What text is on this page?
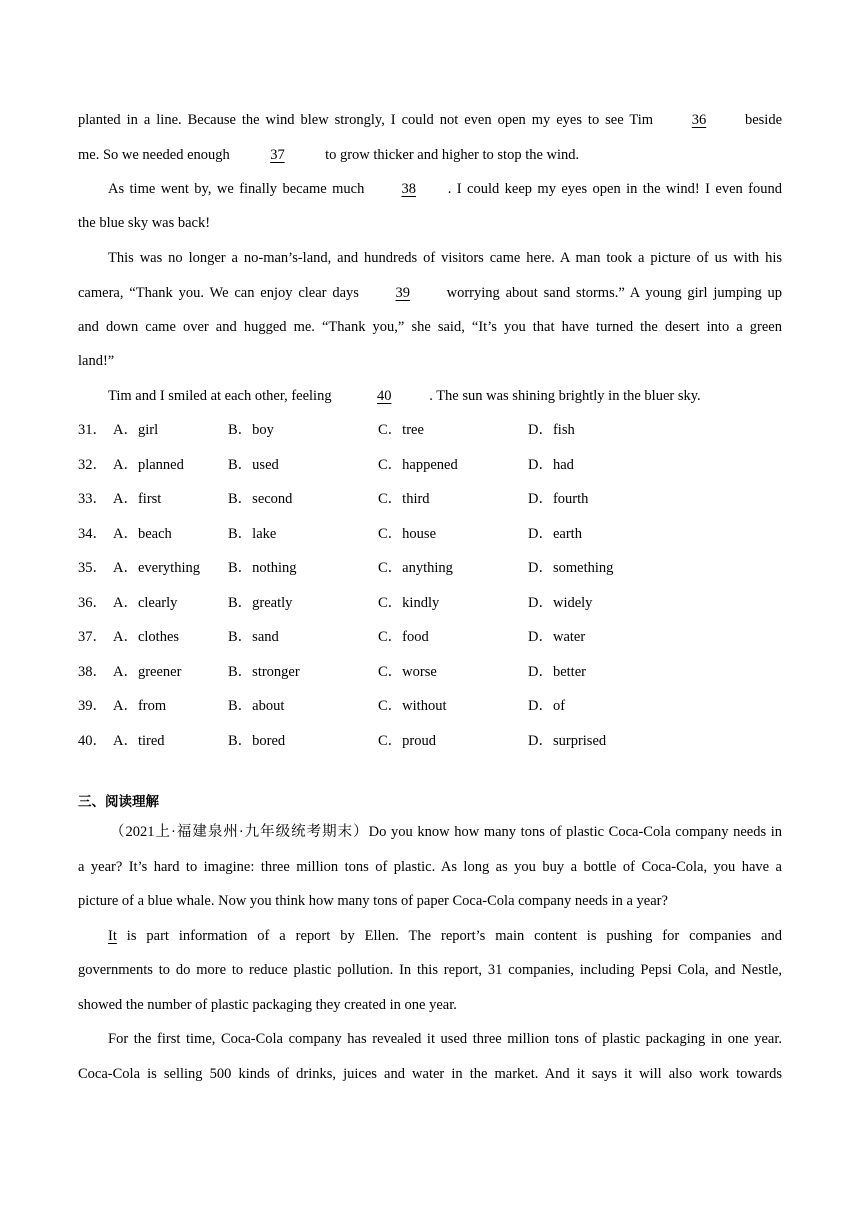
planted in a line. Because the wind blew strongly, I could not even open my eyes to see Tim	36	beside
me. So we needed enough	37	to grow thicker and higher to stop the wind.
As time went by, we finally became much	38 . I could keep my eyes open in the wind! I even found
the blue sky was back!
This was no longer a no-man’s-land, and hundreds of visitors came here. A man took a picture of us with his
camera, “Thank you. We can enjoy clear days	39	worrying about sand storms.” A young girl jumping up
and down came over and hugged me. “Thank you,” she said, “It’s you that have turned the desert into a green
land!”
Tim and I smiled at each other, feeling	40	. The sun was shining brightly in the bluer sky.
31． A．girl	B．boy	C．tree	D．fish
32． A．planned	B．used	C．happened	D．had
33． A．first	B．second	C．third	D．fourth
34． A．beach	B．lake	C．house	D．earth
35． A．everything B．nothing	C．anything	D．something
36． A．clearly	B．greatly	C．kindly	D．widely
37． A．clothes	B．sand	C．food	D．water
38． A．greener	B．stronger	C．worse	D．better
39． A．from	B．about	C．without	D．of
40． A．tired	B．bored	C．proud	D．surprised
三、阅读理解
（2021上·福建泉州·九年级统考期末）Do you know how many tons of plastic Coca-Cola company needs in
a year? It’s hard to imagine: three million tons of plastic. As long as you buy a bottle of Coca-Cola, you have a
picture of a blue whale. Now you think how many tons of paper Coca-Cola company needs in a year?
It is part information of a report by Ellen. The report’s main content is pushing for companies and
governments to do more to reduce plastic pollution. In this report, 31 companies, including Pepsi Cola, and Nestle,
showed the number of plastic packaging they created in one year.
For the first time, Coca-Cola company has revealed it used three million tons of plastic packaging in one year.
Coca-Cola is selling 500 kinds of drinks, juices and water in the market. And it says it will also work towards
